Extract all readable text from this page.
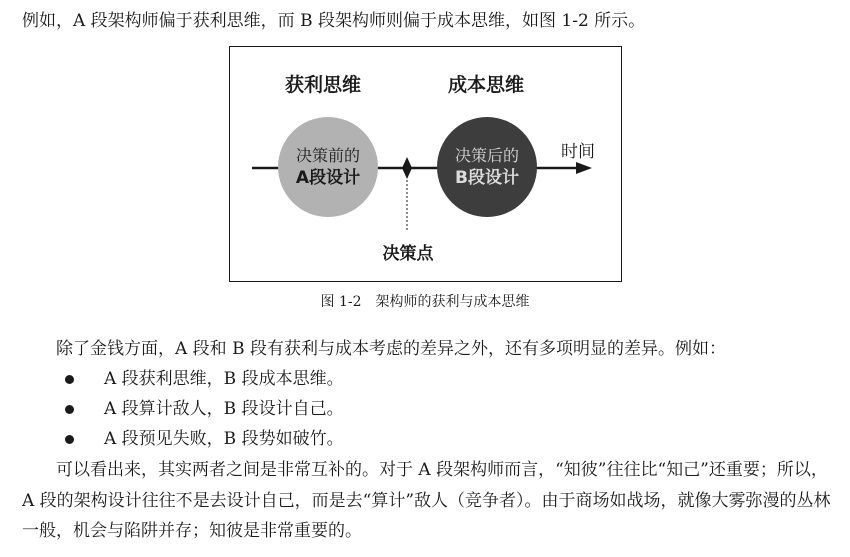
例如，A 段架构师偏于获利思维，而 B 段架构师则偏于成本思维，如图 1-2 所示。

获利思维	成本思维
决策前的
A段设计
决策后的
B段设计
时间
决策点
图 1-2　架构师的获利与成本思维

除了金钱方面，A 段和 B 段有获利与成本考虑的差异之外，还有多项明显的差异。例如：

A 段获利思维，B 段成本思维。
A 段算计敌人，B 段设计自己。
A 段预见失败，B 段势如破竹。

可以看出来，其实两者之间是非常互补的。对于 A 段架构师而言，“知彼”往往比“知己”还重要；所以，A 段的架构设计往往不是去设计自己，而是去“算计”敌人（竞争者）。由于商场如战场，就像大雾弥漫的丛林一般，机会与陷阱并存；知彼是非常重要的。
